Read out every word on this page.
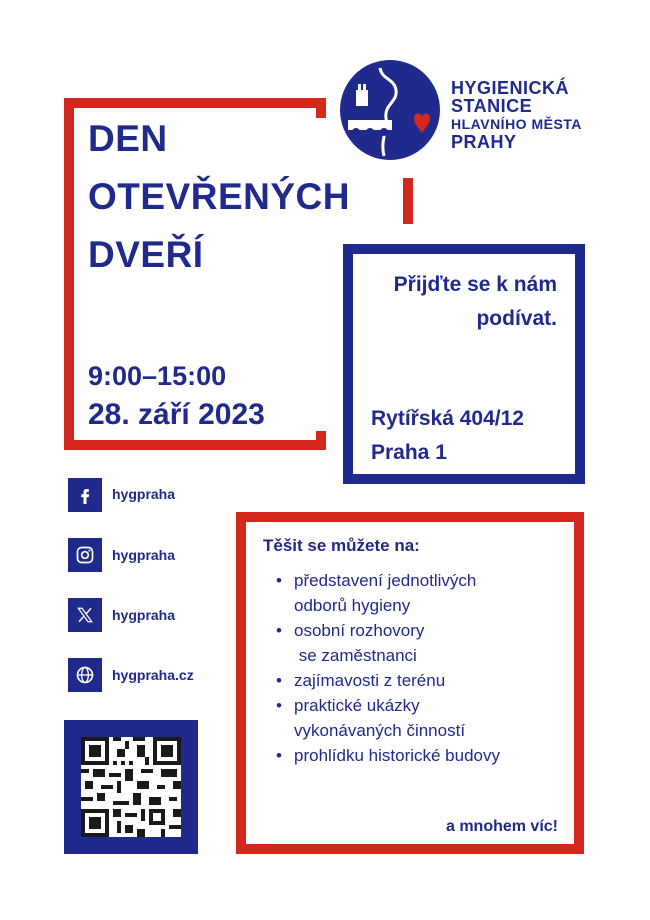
HYGIENICKÁ
STANICE
HLAVNÍHO MĚSTA
PRAHY
DEN
OTEVŘENÝCH
DVEŘÍ
9:00–15:00
28. září 2023
Přijďte se k nám podívat.
Rytířská 404/12
Praha 1
hygpraha
hygpraha
hygpraha
hygpraha.cz
Těšit se můžete na:
• představení jednotlivých
odborů hygieny
• osobní rozhovory
se zaměstnanci
• zajímavosti z terénu
• praktické ukázky
vykonávaných činností
• prohlídku historické budovy
a mnohem víc!
